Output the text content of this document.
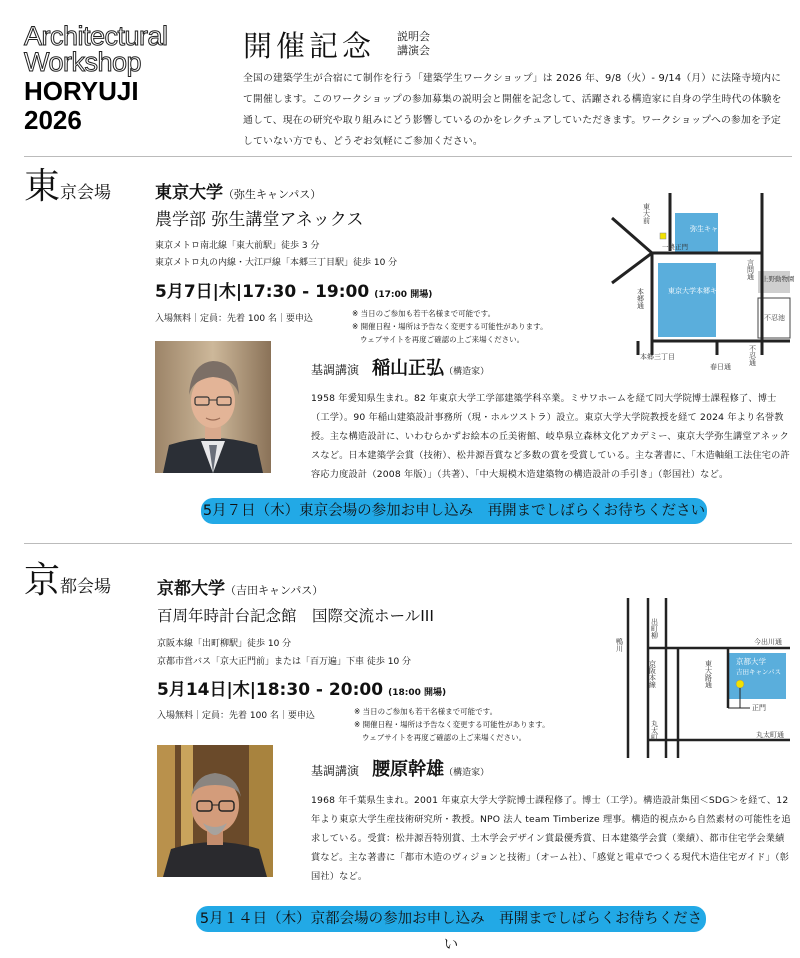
Architectural
Workshop
HORYUJI
2026
開催記念 説明会
講演会
全国の建築学生が合宿にて制作を行う「建築学生ワークショップ」は 2026 年、9/8（火）- 9/14（月）に法隆寺境内にて開催します。このワークショップの参加募集の説明会と開催を記念して、活躍される構造家に自身の学生時代の体験を通して、現在の研究や取り組みにどう影響しているのかをレクチュアしていただきます。ワークショップへの参加を予定していない方でも、どうぞお気軽にご参加ください。
東京会場	東京大学（弥生キャンパス）
農学部 弥生講堂アネックス
東京メトロ南北線「東大前駅」徒歩 3 分
東京メトロ丸の内線・大江戸線「本郷三丁目駅」徒歩 10 分
5月7日|木|17:30 - 19:00 (17:00 開場)
入場無料｜定員：先着 100 名｜要申込
※ 当日のご参加も若干名様まで可能です。
※ 開催日程・場所は予告なく変更する可能性があります。
ウェブサイトを再度ご確認の上ご来場ください。
東大前
弥生キャンパス
一農正門
東京大学本郷キャンパス
上野動物園
不忍池
本郷通
本郷三丁目
春日通
言問通
不忍通
基調講演 稲山正弘（構造家）
1958 年愛知県生まれ。82 年東京大学工学部建築学科卒業。ミサワホームを経て同大学院博士課程修了、博士（工学）。90 年稲山建築設計事務所（現・ホルツストラ）設立。東京大学大学院教授を経て 2024 年より名誉教授。主な構造設計に、いわむらかずお絵本の丘美術館、岐阜県立森林文化アカデミー、東京大学弥生講堂アネックスなど。日本建築学会賞（技術）、松井源吾賞など多数の賞を受賞している。主な著書に、「木造軸組工法住宅の許容応力度設計（2008 年版）」（共著）、「中大規模木造建築物の構造設計の手引き」（彰国社）など。
5月７日（木）東京会場の参加お申し込み　再開までしばらくお待ちください
京都会場	京都大学（吉田キャンパス）
百周年時計台記念館　国際交流ホールIII
京阪本線「出町柳駅」徒歩 10 分
京都市営バス「京大正門前」または「百万遍」下車 徒歩 10 分
5月14日|木|18:30 - 20:00 (18:00 開場)
入場無料｜定員：先着 100 名｜要申込	※ 当日のご参加も若干名様まで可能です。
※ 開催日程・場所は予告なく変更する可能性があります。
ウェブサイトを再度ご確認の上ご来場ください。
出町柳
鴨川
京阪本線
今出川通
東大路通	京都大学
吉田キャンパス
正門
丸太町	丸太町通
基調講演 腰原幹雄（構造家）
1968 年千葉県生まれ。2001 年東京大学大学院博士課程修了。博士（工学）。構造設計集団＜SDG＞を経て、12 年より東京大学生産技術研究所・教授。NPO 法人 team Timberize 理事。構造的視点から自然素材の可能性を追求している。受賞：松井源吾特別賞、土木学会デザイン賞最優秀賞、日本建築学会賞（業績）、都市住宅学会業績賞など。主な著書に「都市木造のヴィジョンと技術」（オーム社）、「感覚と電卓でつくる現代木造住宅ガイド」（彰国社）など。
5月１４日（木）京都会場の参加お申し込み　再開までしばらくお待ちください
